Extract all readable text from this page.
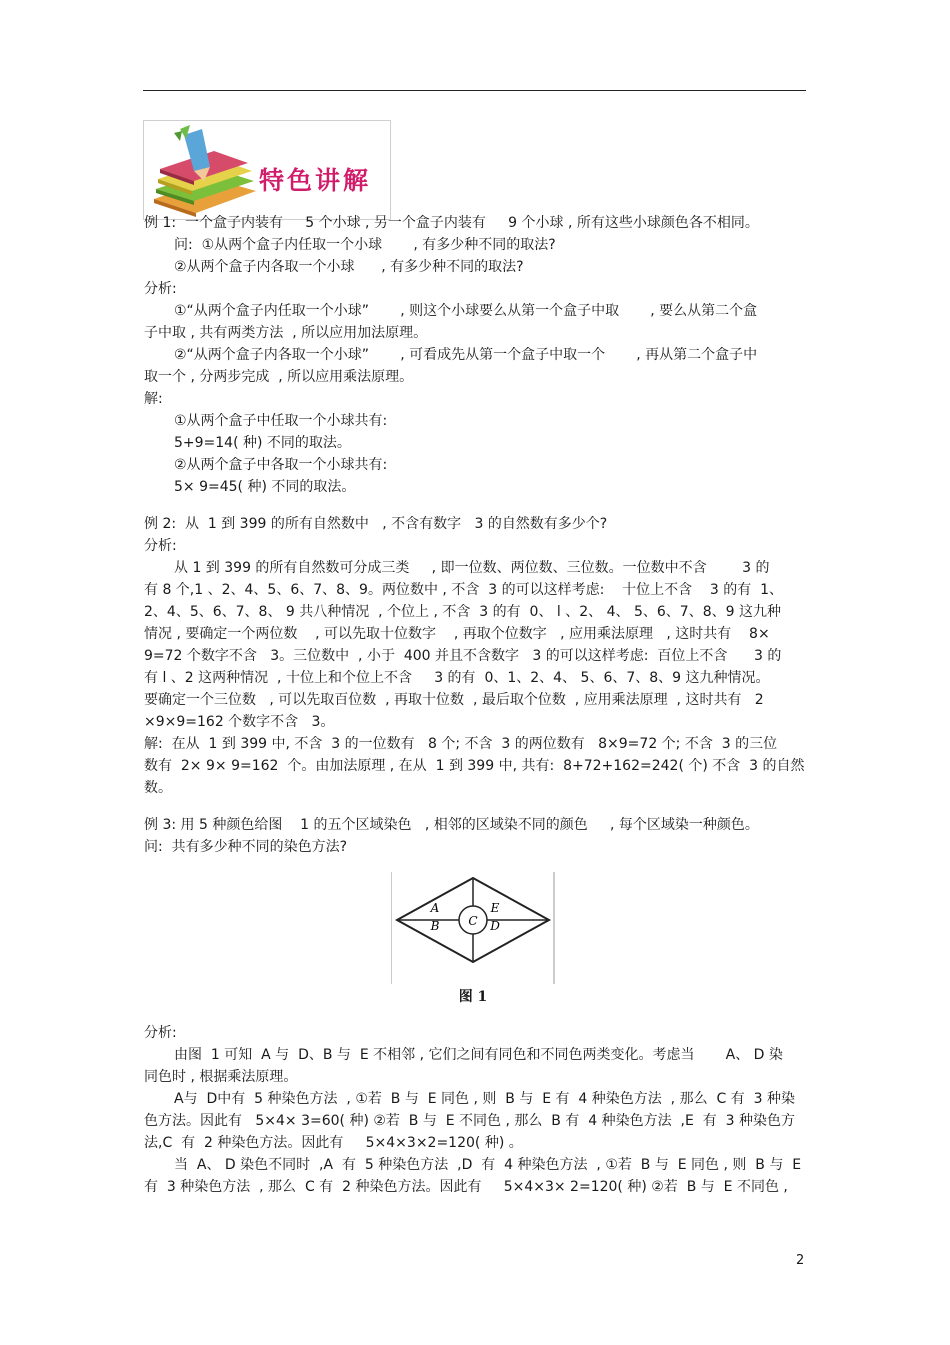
特色讲解

例 1:  一个盒子内装有     5 个小球 , 另一个盒子内装有     9 个小球 , 所有这些小球颜色各不相同。

问:  ①从两个盒子内任取一个小球       , 有多少种不同的取法?

②从两个盒子内各取一个小球      , 有多少种不同的取法?

分析:

①“从两个盒子内任取一个小球”       , 则这个小球要么从第一个盒子中取       , 要么从第二个盒

子中取 , 共有两类方法  , 所以应用加法原理。

②“从两个盒子内各取一个小球”       , 可看成先从第一个盒子中取一个       , 再从第二个盒子中

取一个 , 分两步完成  , 所以应用乘法原理。

解:

①从两个盒子中任取一个小球共有:

5+9=14( 种) 不同的取法。

②从两个盒子中各取一个小球共有:

5× 9=45( 种) 不同的取法。

例 2:  从  1 到 399 的所有自然数中   , 不含有数字   3 的自然数有多少个?

分析:

从 1 到 399 的所有自然数可分成三类     , 即一位数、两位数、三位数。一位数中不含        3 的

有 8 个,1 、2、4、5、6、7、8、9。两位数中 , 不含  3 的可以这样考虑:    十位上不含    3 的有  1、

2、4、5、6、7、8、 9 共八种情况  , 个位上 , 不含  3 的有  0、 l 、2、 4、 5、6、7、8、9 这九种

情况 , 要确定一个两位数    , 可以先取十位数字    , 再取个位数字   , 应用乘法原理   , 这时共有    8×

9=72 个数字不含   3。三位数中  , 小于  400 并且不含数字   3 的可以这样考虑:  百位上不含      3 的

有 l 、2 这两种情况  , 十位上和个位上不含     3 的有  0、1、2、4、 5、6、7、8、9 这九种情况。

要确定一个三位数   , 可以先取百位数  , 再取十位数  , 最后取个位数  , 应用乘法原理  , 这时共有   2

×9×9=162 个数字不含   3。

解:  在从  1 到 399 中, 不含  3 的一位数有   8 个; 不含  3 的两位数有   8×9=72 个; 不含  3 的三位

数有  2× 9× 9=162  个。由加法原理 , 在从  1 到 399 中, 共有:  8+72+162=242( 个) 不含  3 的自然

数。

例 3: 用 5 种颜色给图    1 的五个区域染色   , 相邻的区域染不同的颜色     , 每个区域染一种颜色。

问:  共有多少种不同的染色方法?

A
B C
E
D
图 1

分析:

由图  1 可知  A 与  D、B 与  E 不相邻 , 它们之间有同色和不同色两类变化。考虑当       A、 D 染

同色时 , 根据乘法原理。

A与  D中有  5 种染色方法  , ①若  B 与  E 同色 , 则  B 与  E 有  4 种染色方法  , 那么  C 有  3 种染

色方法。因此有   5×4× 3=60( 种) ②若  B 与  E 不同色 , 那么  B 有  4 种染色方法  ,E  有  3 种染色方

法,C  有  2 种染色方法。因此有     5×4×3×2=120( 种) 。

当  A、 D 染色不同时  ,A  有  5 种染色方法  ,D  有  4 种染色方法  , ①若  B 与  E 同色 , 则  B 与  E

有  3 种染色方法  , 那么  C 有  2 种染色方法。因此有     5×4×3× 2=120( 种) ②若  B 与  E 不同色 ,

2
